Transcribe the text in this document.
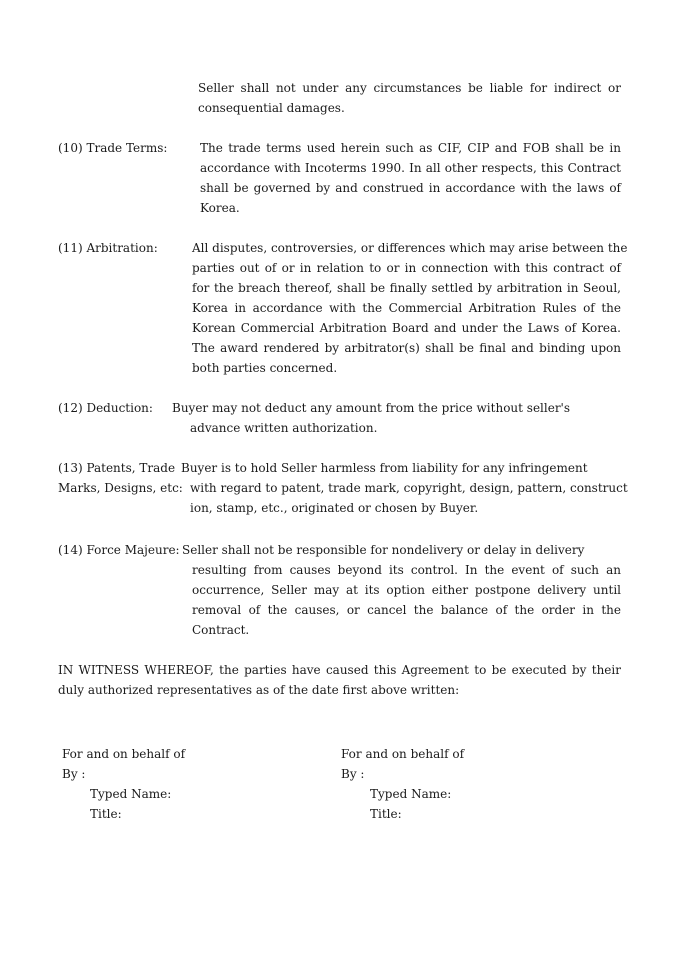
Seller shall not under any circumstances be liable for indirect or
consequential damages.
(10) Trade Terms:	The trade terms used herein such as CIF, CIP and FOB shall be in
accordance with Incoterms 1990. In all other respects, this Contract
shall be governed by and construed in accordance with the laws of
Korea.
(11) Arbitration:	All disputes, controversies, or differences which may arise between the
parties out of or in relation to or in connection with this contract of
for the breach thereof, shall be finally settled by arbitration in Seoul,
Korea in accordance with the Commercial Arbitration Rules of the
Korean Commercial Arbitration Board and under the Laws of Korea.
The award rendered by arbitrator(s) shall be final and binding upon
both parties concerned.
(12) Deduction: Buyer may not deduct any amount from the price without seller's
advance written authorization.
(13) Patents, Trade Buyer is to hold Seller harmless from liability for any infringement
Marks, Designs, etc: with regard to patent, trade mark, copyright, design, pattern, construct
ion, stamp, etc., originated or chosen by Buyer.
(14) Force Majeure: Seller shall not be responsible for nondelivery or delay in delivery
resulting from causes beyond its control. In the event of such an
occurrence, Seller may at its option either postpone delivery until
removal of the causes, or cancel the balance of the order in the
Contract.
IN WITNESS WHEREOF, the parties have caused this Agreement to be executed by their
duly authorized representatives as of the date first above written:
For and on behalf of
By :
Typed Name:
Title:
For and on behalf of
By :
Typed Name:
Title:
